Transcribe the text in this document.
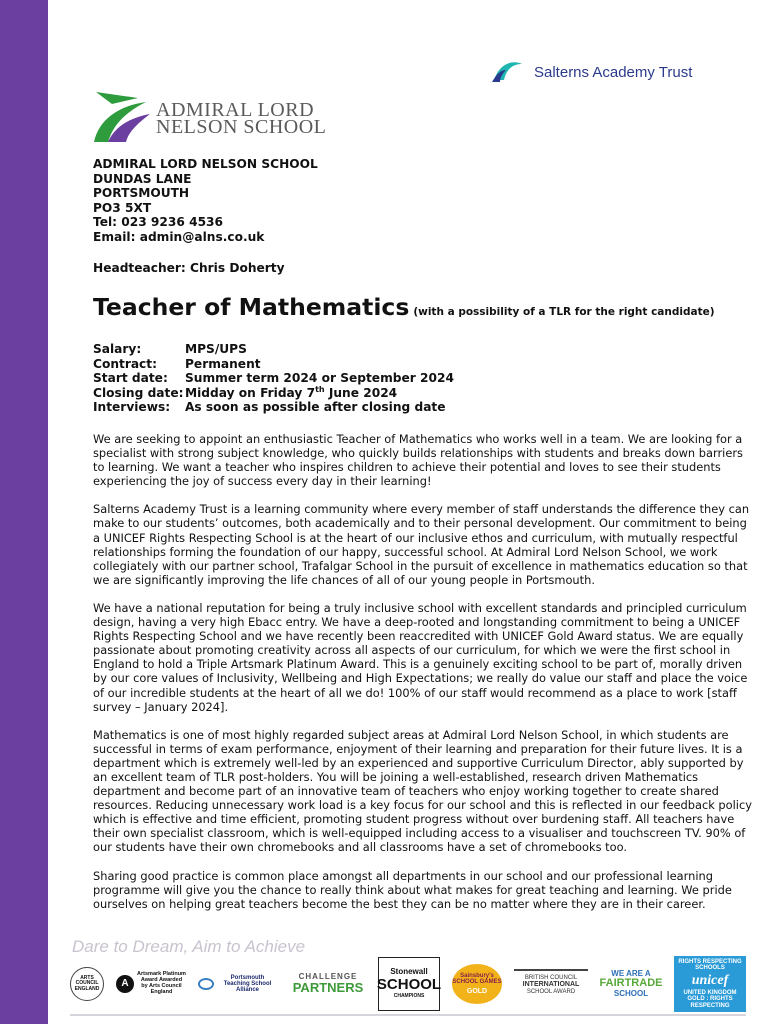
Salterns Academy Trust
ADMIRAL LORD
NELSON SCHOOL
ADMIRAL LORD NELSON SCHOOL
DUNDAS LANE
PORTSMOUTH
PO3 5XT
Tel: 023 9236 4536
Email: admin@alns.co.uk
Headteacher: Chris Doherty
Teacher of Mathematics (with a possibility of a TLR for the right candidate)
Salary:	MPS/UPS
Contract:	Permanent
Start date:	Summer term 2024 or September 2024
Closing date: Midday on Friday 7th June 2024
Interviews:	As soon as possible after closing date

We are seeking to appoint an enthusiastic Teacher of Mathematics who works well in a team. We are looking for a specialist with strong subject knowledge, who quickly builds relationships with students and breaks down barriers to learning. We want a teacher who inspires children to achieve their potential and loves to see their students experiencing the joy of success every day in their learning!

Salterns Academy Trust is a learning community where every member of staff understands the difference they can make to our students’ outcomes, both academically and to their personal development. Our commitment to being a UNICEF Rights Respecting School is at the heart of our inclusive ethos and curriculum, with mutually respectful relationships forming the foundation of our happy, successful school. At Admiral Lord Nelson School, we work collegiately with our partner school, Trafalgar School in the pursuit of excellence in mathematics education so that we are significantly improving the life chances of all of our young people in Portsmouth.

We have a national reputation for being a truly inclusive school with excellent standards and principled curriculum design, having a very high Ebacc entry. We have a deep-rooted and longstanding commitment to being a UNICEF Rights Respecting School and we have recently been reaccredited with UNICEF Gold Award status. We are equally passionate about promoting creativity across all aspects of our curriculum, for which we were the first school in England to hold a Triple Artsmark Platinum Award. This is a genuinely exciting school to be part of, morally driven by our core values of Inclusivity, Wellbeing and High Expectations; we really do value our staff and place the voice of our incredible students at the heart of all we do! 100% of our staff would recommend as a place to work [staff survey – January 2024].

Mathematics is one of most highly regarded subject areas at Admiral Lord Nelson School, in which students are successful in terms of exam performance, enjoyment of their learning and preparation for their future lives. It is a department which is extremely well-led by an experienced and supportive Curriculum Director, ably supported by an excellent team of TLR post-holders. You will be joining a well-established, research driven Mathematics department and become part of an innovative team of teachers who enjoy working together to create shared resources. Reducing unnecessary work load is a key focus for our school and this is reflected in our feedback policy which is effective and time efficient, promoting student progress without over burdening staff. All teachers have their own specialist classroom, which is well-equipped including access to a visualiser and touchscreen TV. 90% of our students have their own chromebooks and all classrooms have a set of chromebooks too.

Sharing good practice is common place amongst all departments in our school and our professional learning programme will give you the chance to really think about what makes for great teaching and learning. We pride ourselves on helping great teachers become the best they can be no matter where they are in their career.

Dare to Dream, Aim to Achieve
ARTS COUNCIL ENGLAND	A
Artsmark Platinum Award Awarded by Arts Council England
Portsmouth Teaching School Alliance
CHALLENGE
PARTNERS
Stonewall
SCHOOL
CHAMPIONS
Sainsbury's SCHOOL GAMES
GOLD
BRITISH COUNCIL
INTERNATIONAL
SCHOOL AWARD
WE ARE A
FAIRTRADE
SCHOOL
RIGHTS RESPECTING SCHOOLS
unicef
UNITED KINGDOM
GOLD : RIGHTS RESPECTING
